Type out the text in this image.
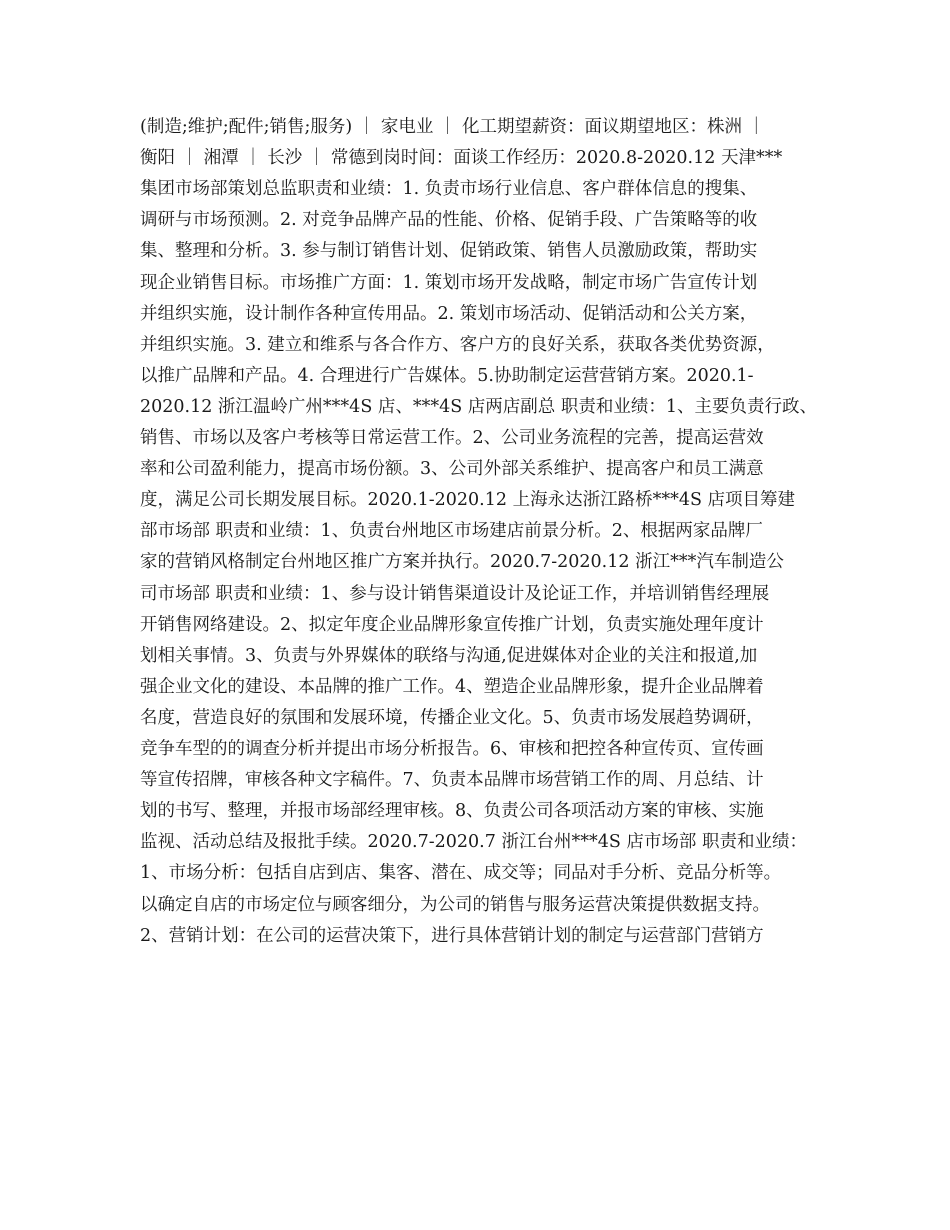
(制造;维护;配件;销售;服务) ｜ 家电业 ｜ 化工期望薪资：面议期望地区：株洲 ｜
衡阳 ｜ 湘潭 ｜ 长沙 ｜ 常德到岗时间：面谈工作经历：2020.8-2020.12 天津***
集团市场部策划总监职责和业绩：1. 负责市场行业信息、客户群体信息的搜集、
调研与市场预测。2. 对竞争品牌产品的性能、价格、促销手段、广告策略等的收
集、整理和分析。3. 参与制订销售计划、促销政策、销售人员激励政策，帮助实
现企业销售目标。市场推广方面：1. 策划市场开发战略，制定市场广告宣传计划
并组织实施，设计制作各种宣传用品。2. 策划市场活动、促销活动和公关方案，
并组织实施。3. 建立和维系与各合作方、客户方的良好关系，获取各类优势资源，
以推广品牌和产品。4. 合理进行广告媒体。5.协助制定运营营销方案。2020.1-
2020.12 浙江温岭广州***4S 店、***4S 店两店副总 职责和业绩：1、主要负责行政、
销售、市场以及客户考核等日常运营工作。2、公司业务流程的完善，提高运营效
率和公司盈利能力，提高市场份额。3、公司外部关系维护、提高客户和员工满意
度，满足公司长期发展目标。2020.1-2020.12 上海永达浙江路桥***4S 店项目筹建
部市场部 职责和业绩：1、负责台州地区市场建店前景分析。2、根据两家品牌厂
家的营销风格制定台州地区推广方案并执行。2020.7-2020.12 浙江***汽车制造公
司市场部 职责和业绩：1、参与设计销售渠道设计及论证工作，并培训销售经理展
开销售网络建设。2、拟定年度企业品牌形象宣传推广计划，负责实施处理年度计
划相关事情。3、负责与外界媒体的联络与沟通,促进媒体对企业的关注和报道,加
强企业文化的建设、本品牌的推广工作。4、塑造企业品牌形象，提升企业品牌着
名度，营造良好的氛围和发展环境，传播企业文化。5、负责市场发展趋势调研，
竞争车型的的调查分析并提出市场分析报告。6、审核和把控各种宣传页、宣传画
等宣传招牌，审核各种文字稿件。7、负责本品牌市场营销工作的周、月总结、计
划的书写、整理，并报市场部经理审核。8、负责公司各项活动方案的审核、实施
监视、活动总结及报批手续。2020.7-2020.7 浙江台州***4S 店市场部 职责和业绩：
1、市场分析：包括自店到店、集客、潜在、成交等；同品对手分析、竞品分析等。
以确定自店的市场定位与顾客细分，为公司的销售与服务运营决策提供数据支持。
2、营销计划：在公司的运营决策下，进行具体营销计划的制定与运营部门营销方
